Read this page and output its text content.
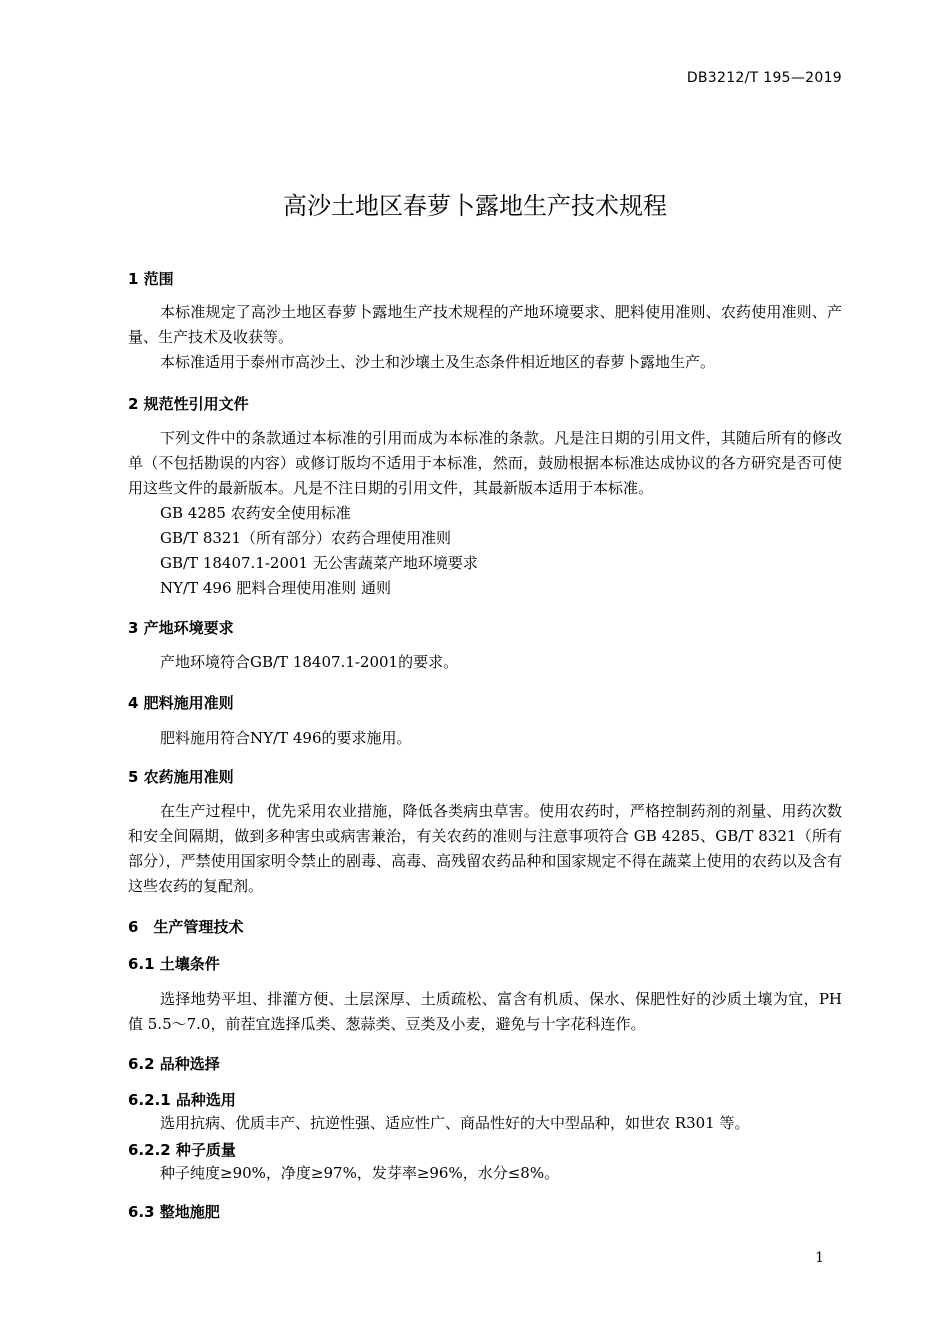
DB3212/T 195—2019
高沙土地区春萝卜露地生产技术规程
1 范围
本标准规定了高沙土地区春萝卜露地生产技术规程的产地环境要求、肥料使用准则、农药使用准则、产量、生产技术及收获等。
本标准适用于泰州市高沙土、沙土和沙壤土及生态条件相近地区的春萝卜露地生产。
2 规范性引用文件
下列文件中的条款通过本标准的引用而成为本标准的条款。凡是注日期的引用文件，其随后所有的修改单（不包括勘误的内容）或修订版均不适用于本标准，然而，鼓励根据本标准达成协议的各方研究是否可使用这些文件的最新版本。凡是不注日期的引用文件，其最新版本适用于本标准。
GB 4285 农药安全使用标准
GB/T 8321（所有部分）农药合理使用准则
GB/T 18407.1-2001 无公害蔬菜产地环境要求
NY/T 496 肥料合理使用准则 通则
3 产地环境要求
产地环境符合GB/T 18407.1-2001的要求。
4 肥料施用准则
肥料施用符合NY/T 496的要求施用。
5 农药施用准则
在生产过程中，优先采用农业措施，降低各类病虫草害。使用农药时，严格控制药剂的剂量、用药次数和安全间隔期，做到多种害虫或病害兼治，有关农药的准则与注意事项符合 GB 4285、GB/T 8321（所有部分），严禁使用国家明令禁止的剧毒、高毒、高残留农药品种和国家规定不得在蔬菜上使用的农药以及含有这些农药的复配剂。
6　生产管理技术
6.1 土壤条件
选择地势平坦、排灌方便、土层深厚、土质疏松、富含有机质、保水、保肥性好的沙质土壤为宜，PH 值 5.5～7.0，前茬宜选择瓜类、葱蒜类、豆类及小麦，避免与十字花科连作。
6.2 品种选择
6.2.1 品种选用
选用抗病、优质丰产、抗逆性强、适应性广、商品性好的大中型品种，如世农 R301 等。
6.2.2 种子质量
种子纯度≥90%，净度≥97%，发芽率≥96%，水分≤8%。
6.3 整地施肥
1
